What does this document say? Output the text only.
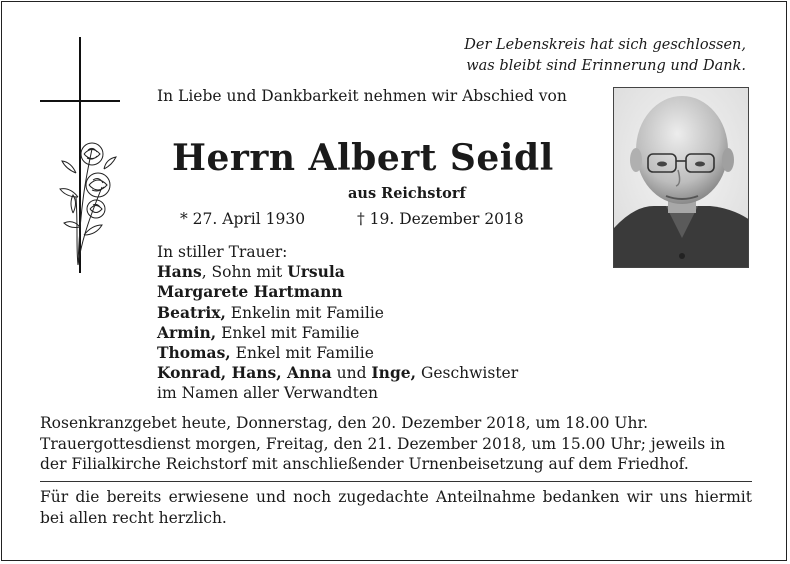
Der Lebenskreis hat sich geschlossen,

was bleibt sind Erinnerung und Dank.

In Liebe und Dankbarkeit nehmen wir Abschied von
Herrn Albert Seidl
aus Reichstorf
* 27. April 1930	† 19. Dezember 2018

In stiller Trauer:

Hans, Sohn mit Ursula

Margarete Hartmann

Beatrix, Enkelin mit Familie

Armin, Enkel mit Familie

Thomas, Enkel mit Familie

Konrad, Hans, Anna und Inge, Geschwister

im Namen aller Verwandten

Rosenkranzgebet heute, Donnerstag, den 20. Dezember 2018, um 18.00 Uhr.

Trauergottesdienst morgen, Freitag, den 21. Dezember 2018, um 15.00 Uhr; jeweils in

der Filialkirche Reichstorf mit anschließender Urnenbeisetzung auf dem Friedhof.

Für die bereits erwiesene und noch zugedachte Anteilnahme bedanken wir uns hiermit bei allen recht herzlich.
